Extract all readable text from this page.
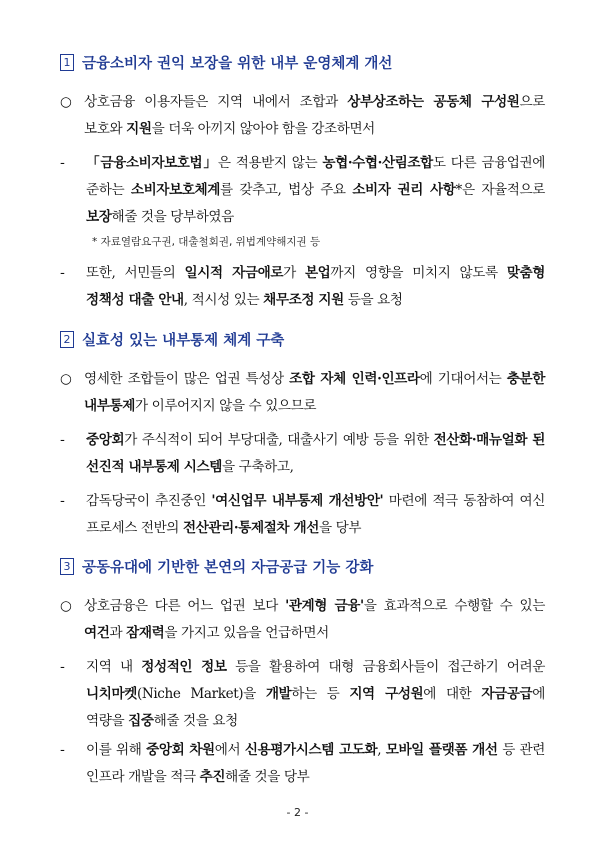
1 금융소비자 권익 보장을 위한 내부 운영체계 개선
○ 상호금융 이용자들은 지역 내에서 조합과 상부상조하는 공동체 구성원으로 보호와 지원을 더욱 아끼지 않아야 함을 강조하면서
-	「금융소비자보호법」은 적용받지 않는 농협·수협·산림조합도 다른 금융업권에 준하는 소비자보호체계를 갖추고, 법상 주요 소비자 권리 사항*은 자율적으로 보장해줄 것을 당부하였음
* 자료열람요구권, 대출철회권, 위법계약해지권 등
-	또한, 서민들의 일시적 자금애로가 본업까지 영향을 미치지 않도록 맞춤형 정책성 대출 안내, 적시성 있는 채무조정 지원 등을 요청
2 실효성 있는 내부통제 체계 구축
○ 영세한 조합들이 많은 업권 특성상 조합 자체 인력·인프라에 기대어서는 충분한 내부통제가 이루어지지 않을 수 있으므로
-	중앙회가 주식적이 되어 부당대출, 대출사기 예방 등을 위한 전산화·매뉴얼화 된 선진적 내부통제 시스템을 구축하고,
-	감독당국이 추진중인 '여신업무 내부통제 개선방안' 마련에 적극 동참하여 여신 프로세스 전반의 전산관리·통제절차 개선을 당부
3 공동유대에 기반한 본연의 자금공급 기능 강화
○ 상호금융은 다른 어느 업권 보다 '관계형 금융'을 효과적으로 수행할 수 있는 여건과 잠재력을 가지고 있음을 언급하면서
-	지역 내 정성적인 정보 등을 활용하여 대형 금융회사들이 접근하기 어려운 니치마켓(Niche Market)을 개발하는 등 지역 구성원에 대한 자금공급에 역량을 집중해줄 것을 요청
-	이를 위해 중앙회 차원에서 신용평가시스템 고도화, 모바일 플랫폼 개선 등 관련 인프라 개발을 적극 추진해줄 것을 당부
- 2 -
